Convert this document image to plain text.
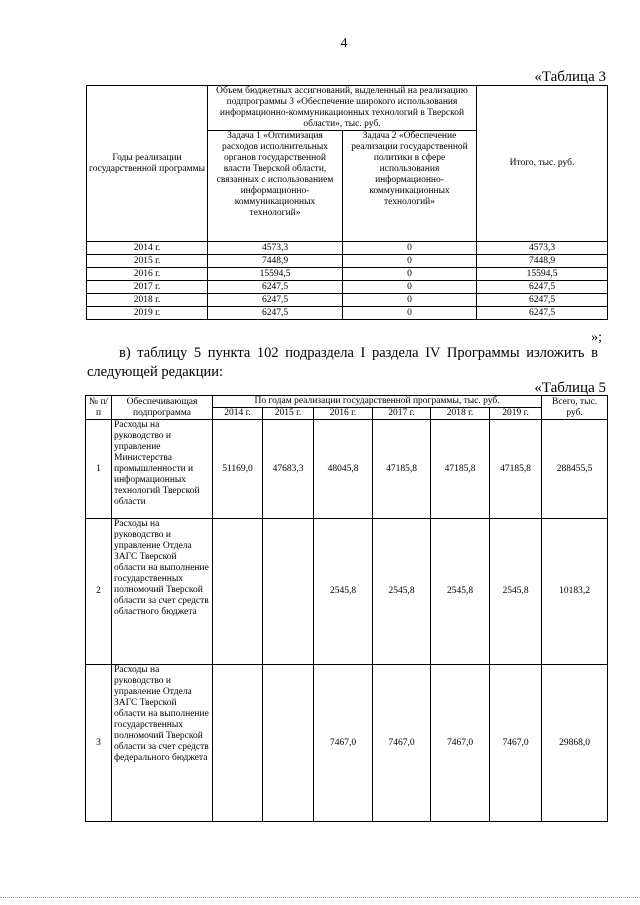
4
«Таблица 3
Годы реализации государственной программы	Объем бюджетных ассигнований, выделенный на реализацию подпрограммы 3 «Обеспечение широкого использования информационно-коммуникационных технологий в Тверской области», тыс. руб.		Итого, тыс. руб.
	Задача 1 «Оптимизация расходов исполнительных органов государственной власти Тверской области, связанных с использованием информационно-коммуникационных технологий»	Задача 2 «Обеспечение реализации государственной политики в сфере использования информационно-коммуникационных технологий»	
2014 г.	4573,3	0	4573,3
2015 г.	7448,9	0	7448,9
2016 г.	15594,5	0	15594,5
2017 г.	6247,5	0	6247,5
2018 г.	6247,5	0	6247,5
2019 г.	6247,5	0	6247,5
»;
в) таблицу 5 пункта 102 подраздела I раздела IV Программы изложить в следующей редакции:
«Таблица 5
№ п/п	Обеспечивающая подпрограмма	По годам реализации государственной программы, тыс. руб.						Всего, тыс. руб.
		2014 г.	2015 г.	2016 г.	2017 г.	2018 г.	2019 г.	
1	Расходы на руководство и управление Министерства промышленности и информационных технологий Тверской области	51169,0	47683,3	48045,8	47185,8	47185,8	47185,8	288455,5
2	Расходы на руководство и управление Отдела ЗАГС Тверской области на выполнение государственных полномочий Тверской области за счет средств областного бюджета			2545,8	2545,8	2545,8	2545,8	10183,2
3	Расходы на руководство и управление Отдела ЗАГС Тверской области на выполнение государственных полномочий Тверской области за счет средств федерального бюджета			7467,0	7467,0	7467,0	7467,0	29868,0
